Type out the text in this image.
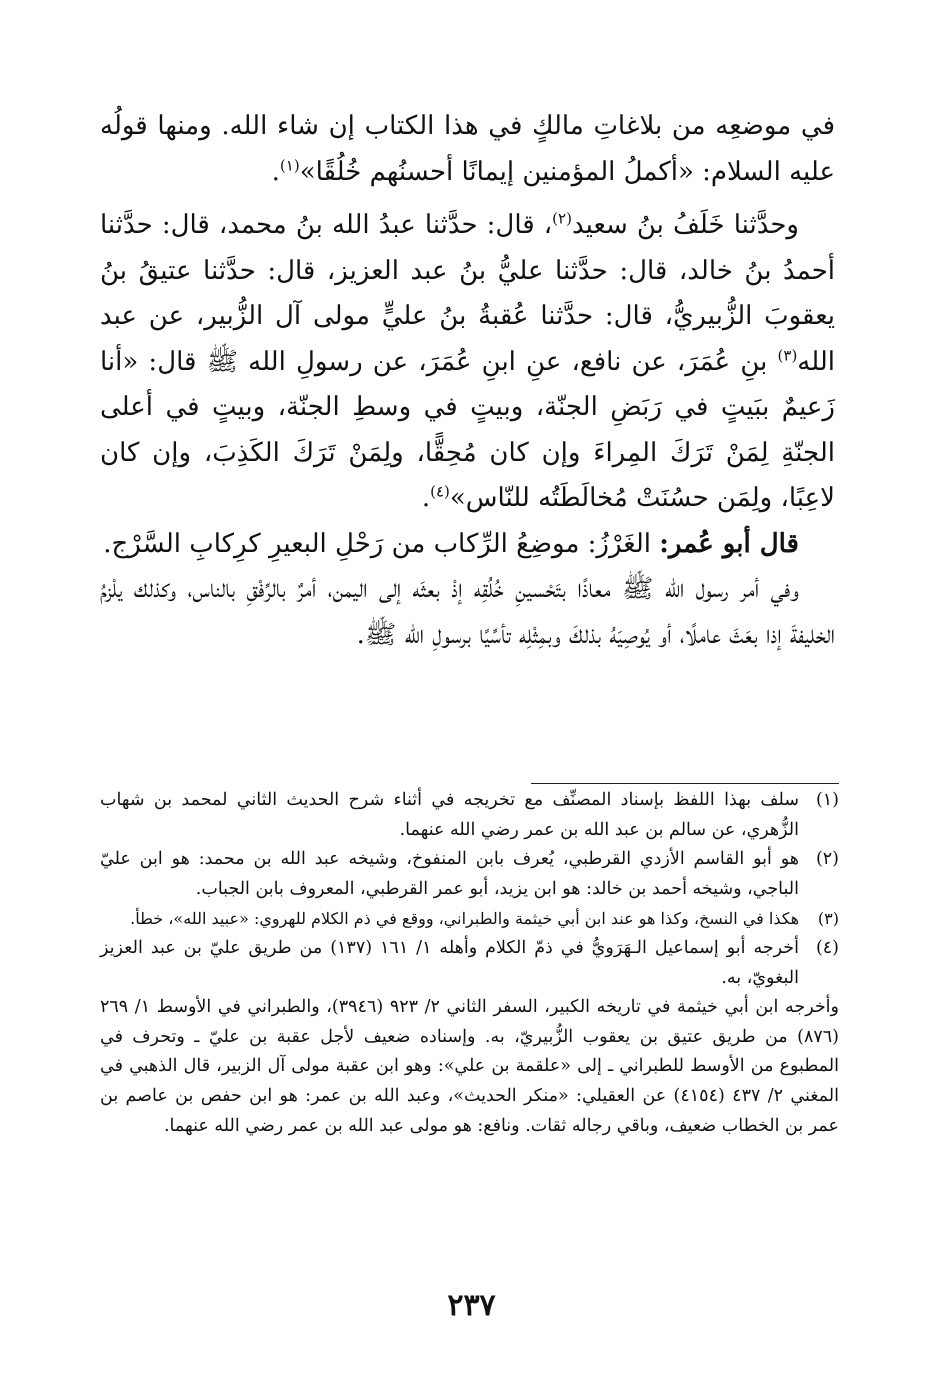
في موضعِه من بلاغاتِ مالكٍ في هذا الكتاب إن شاء الله. ومنها قولُه عليه السلام: «أكملُ المؤمنين إيمانًا أحسنُهم خُلُقًا»$^{(١)}$.

وحدَّثنا خَلَفُ بنُ سعيد$^{(٢)}$، قال: حدَّثنا عبدُ الله بنُ محمد، قال: حدَّثنا أحمدُ بنُ خالد، قال: حدَّثنا عليُّ بنُ عبد العزيز، قال: حدَّثنا عتيقُ بنُ يعقوبَ الزُّبيريُّ، قال: حدَّثنا عُقبةُ بنُ عليٍّ مولى آل الزُّبير، عن عبد الله$^{(٣)}$ بنِ عُمَرَ، عن نافع، عنِ ابنِ عُمَرَ، عن رسولِ الله ﷺ قال: «أنا زَعيمٌ ببَيتٍ في رَبَضِ الجنّة، وبيتٍ في وسطِ الجنّة، وبيتٍ في أعلى الجنّةِ لِمَنْ تَرَكَ المِراءَ وإن كان مُحِقًّا، ولِمَنْ تَرَكَ الكَذِبَ، وإن كان لاعِبًا، ولِمَن حسُنَتْ مُخالَطَتُه للنّاس»$^{(٤)}$.

قال أبو عُمر: الغَرْزُ: موضِعُ الرِّكاب من رَحْلِ البعيرِ كرِكابِ السَّرْج.

وفي أمر رسول الله ﷺ معاذًا بتَحْسينِ خُلُقِه إذْ بعثَه إلى اليمن، أمرٌ بالرِّفْقِ بالناس، وكذلك يلْزمُ الخليفةَ إذا بعَثَ عاملًا، أو يُوصِيَهُ بذلكَ وبمِثْلِه تأسِّيًا برسولِ الله ﷺ.

(١)سلف بهذا اللفظ بإسناد المصنِّف مع تخريجه في أثناء شرح الحديث الثاني لمحمد بن شهاب الزُّهري، عن سالم بن عبد الله بن عمر رضي الله عنهما.

(٢)هو أبو القاسم الأزدي القرطبي، يُعرف بابن المنفوخ، وشيخه عبد الله بن محمد: هو ابن عليّ الباجي، وشيخه أحمد بن خالد: هو ابن يزيد، أبو عمر القرطبي، المعروف بابن الجباب.

(٣)هكذا في النسخ، وكذا هو عند ابن أبي خيثمة والطبراني، ووقع في ذم الكلام للهروي: «عبيد الله»، خطأ.

(٤)أخرجه أبو إسماعيل الـهَرَويُّ في ذمّ الكلام وأهله ١/ ١٦١ (١٣٧) من طريق عليّ بن عبد العزيز البغويّ، به.

وأخرجه ابن أبي خيثمة في تاريخه الكبير، السفر الثاني ٢/ ٩٢٣ (٣٩٤٦)، والطبراني في الأوسط ١/ ٢٦٩ (٨٧٦) من طريق عتيق بن يعقوب الزُّبيريّ، به. وإسناده ضعيف لأجل عقبة بن عليّ ـ وتحرف في المطبوع من الأوسط للطبراني ـ إلى «علقمة بن علي»: وهو ابن عقبة مولى آل الزبير، قال الذهبي في المغني ٢/ ٤٣٧ (٤١٥٤) عن العقيلي: «منكر الحديث»، وعبد الله بن عمر: هو ابن حفص بن عاصم بن عمر بن الخطاب ضعيف، وباقي رجاله ثقات. ونافع: هو مولى عبد الله بن عمر رضي الله عنهما.

٢٣٧
